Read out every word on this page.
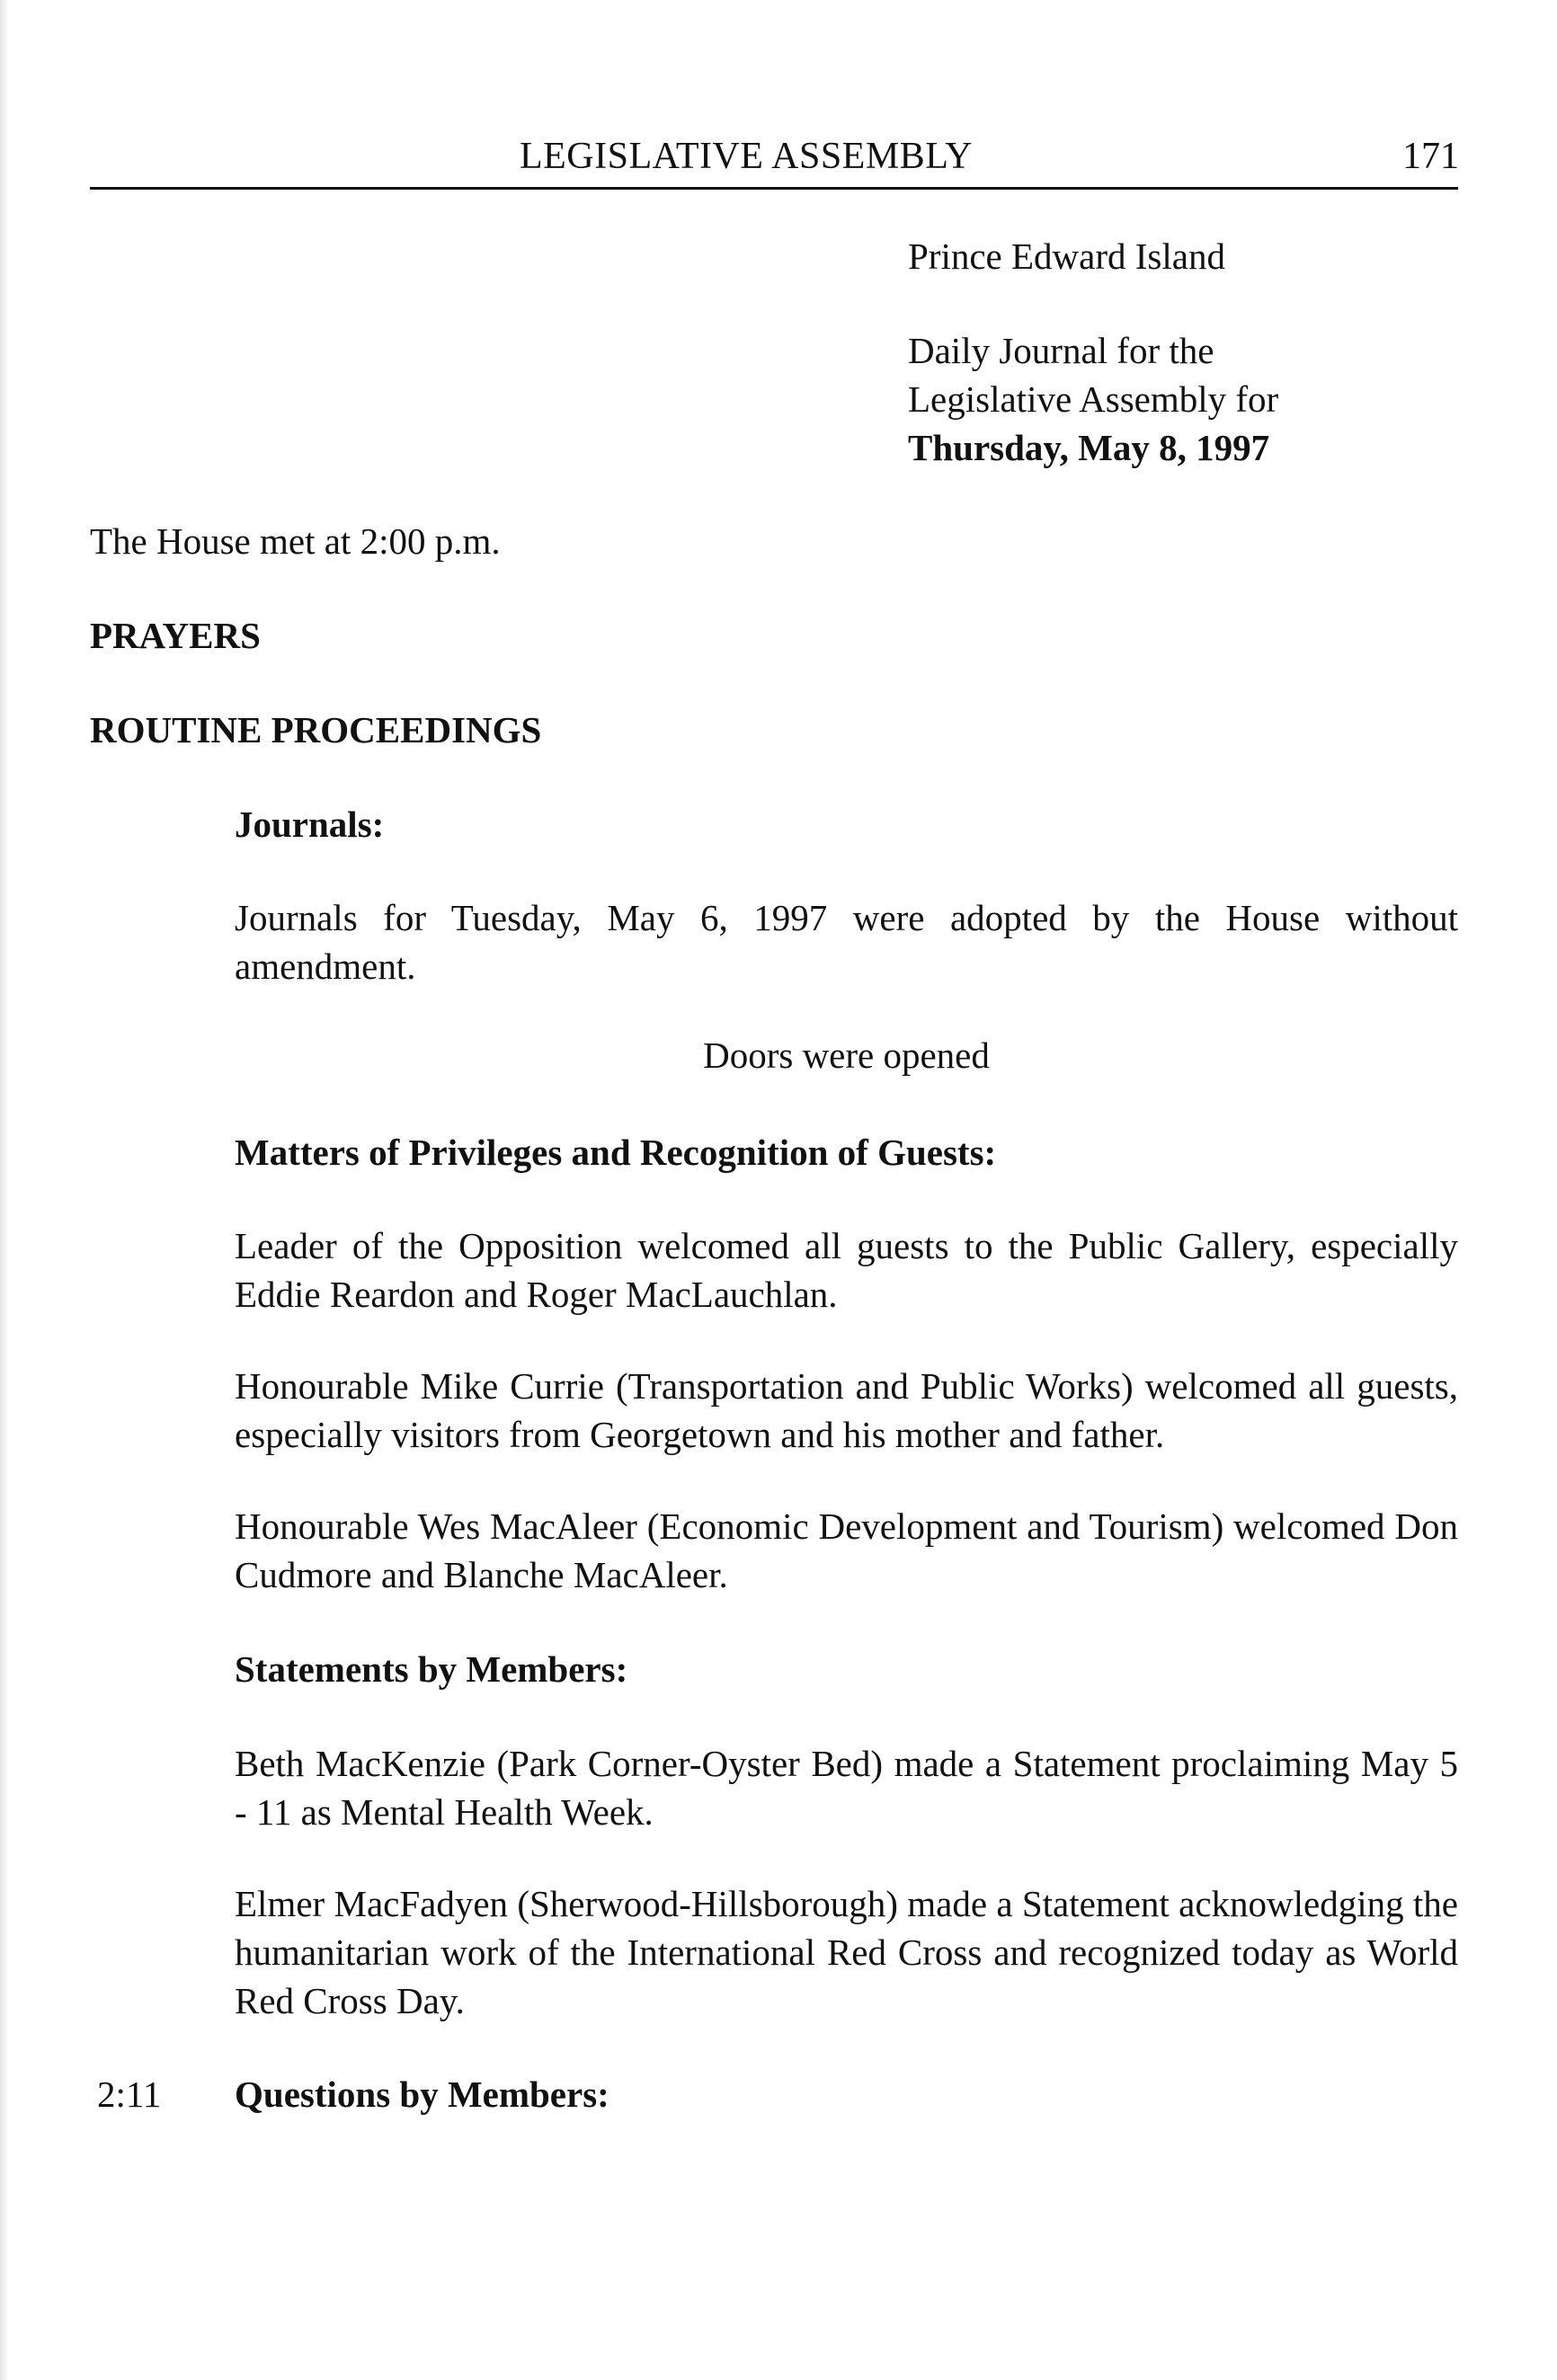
LEGISLATIVE ASSEMBLY	171
Prince Edward Island
Daily Journal for the
Legislative Assembly for
Thursday, May 8, 1997
The House met at 2:00 p.m.
PRAYERS
ROUTINE PROCEEDINGS
Journals:
Journals for Tuesday, May 6, 1997 were adopted by the House without amendment.
Doors were opened
Matters of Privileges and Recognition of Guests:
Leader of the Opposition welcomed all guests to the Public Gallery, especially Eddie Reardon and Roger MacLauchlan.
Honourable Mike Currie (Transportation and Public Works) welcomed all guests, especially visitors from Georgetown and his mother and father.
Honourable Wes MacAleer (Economic Development and Tourism) welcomed Don Cudmore and Blanche MacAleer.
Statements by Members:
Beth MacKenzie (Park Corner-Oyster Bed) made a Statement proclaiming May 5 - 11 as Mental Health Week.
Elmer MacFadyen (Sherwood-Hillsborough) made a Statement acknowledging the humanitarian work of the International Red Cross and recognized today as World Red Cross Day.
2:11 Questions by Members:
